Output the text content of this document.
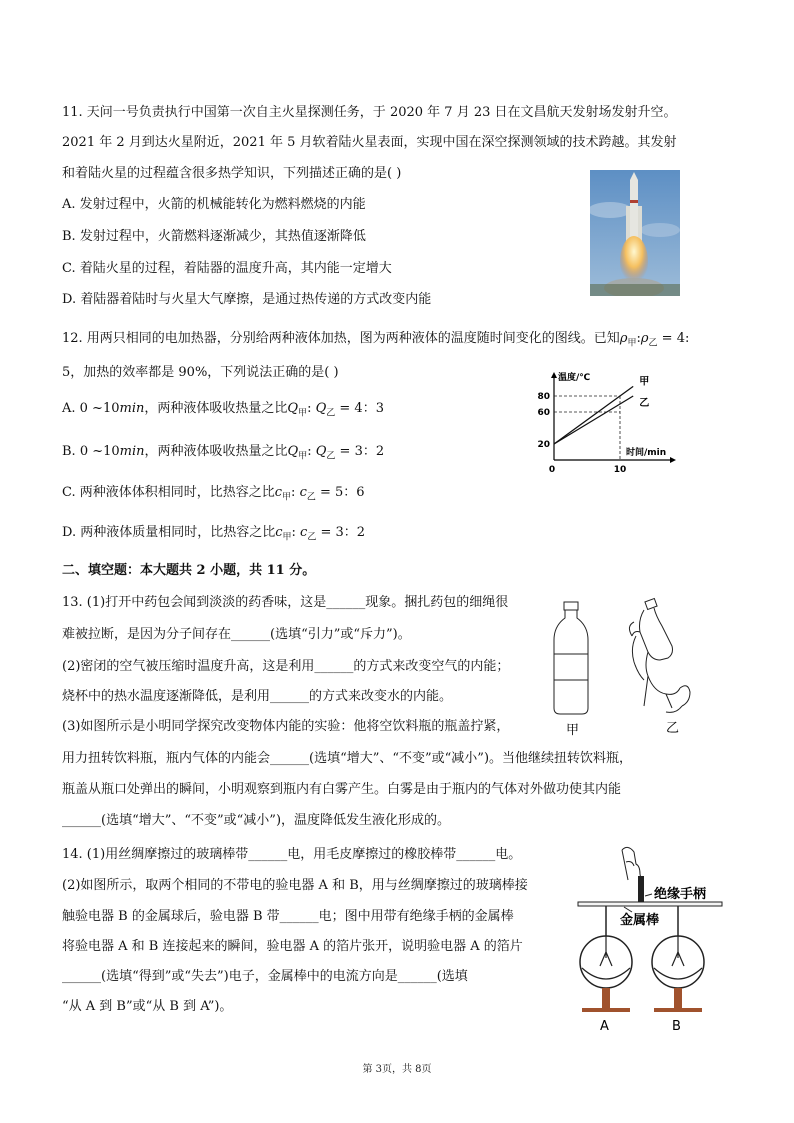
11. 天问一号负责执行中国第一次自主火星探测任务，于 2020 年 7 月 23 日在文昌航天发射场发射升空。
2021 年 2 月到达火星附近，2021 年 5 月软着陆火星表面，实现中国在深空探测领域的技术跨越。其发射
和着陆火星的过程蕴含很多热学知识，下列描述正确的是( )
A. 发射过程中，火箭的机械能转化为燃料燃烧的内能
B. 发射过程中，火箭燃料逐渐减少，其热值逐渐降低
C. 着陆火星的过程，着陆器的温度升高，其内能一定增大
D. 着陆器着陆时与火星大气摩擦，是通过热传递的方式改变内能
12. 用两只相同的电加热器，分别给两种液体加热，图为两种液体的温度随时间变化的图线。已知$\rho_甲:\rho_乙 = 4$:
5，加热的效率都是 90%，下列说法正确的是( )
A. 0 ~10min，两种液体吸收热量之比$Q_甲$: $Q_乙 = 4$：3
B. 0 ~10min，两种液体吸收热量之比$Q_甲$: $Q_乙 = 3$：2
C. 两种液体体积相同时，比热容之比$c_甲$: $c_乙 = 5$：6
D. 两种液体质量相同时，比热容之比$c_甲$: $c_乙 = 3$：2
温度/℃
时间/min
80
60
20
0	10
甲
乙
二、填空题：本大题共 2 小题，共 11 分。
13. (1)打开中药包会闻到淡淡的药香味，这是______现象。捆扎药包的细绳很
难被拉断，是因为分子间存在______(选填“引力”或“斥力”)。
(2)密闭的空气被压缩时温度升高，这是利用______的方式来改变空气的内能；
烧杯中的热水温度逐渐降低，是利用______的方式来改变水的内能。
(3)如图所示是小明同学探究改变物体内能的实验：他将空饮料瓶的瓶盖拧紧，
用力扭转饮料瓶，瓶内气体的内能会______(选填“增大”、“不变”或“减小”)。当他继续扭转饮料瓶，
瓶盖从瓶口处弹出的瞬间，小明观察到瓶内有白雾产生。白雾是由于瓶内的气体对外做功使其内能
______(选填“增大”、“不变”或“减小”)，温度降低发生液化形成的。
甲	乙
14. (1)用丝绸摩擦过的玻璃棒带______电，用毛皮摩擦过的橡胶棒带______电。
(2)如图所示，取两个相同的不带电的验电器 A 和 B，用与丝绸摩擦过的玻璃棒接
触验电器 B 的金属球后，验电器 B 带______电；图中用带有绝缘手柄的金属棒
将验电器 A 和 B 连接起来的瞬间，验电器 A 的箔片张开，说明验电器 A 的箔片
______(选填“得到”或“失去”)电子，金属棒中的电流方向是______(选填
“从 A 到 B”或“从 B 到 A”)。
绝缘手柄
金属棒
A	B
第 3页，共 8页
